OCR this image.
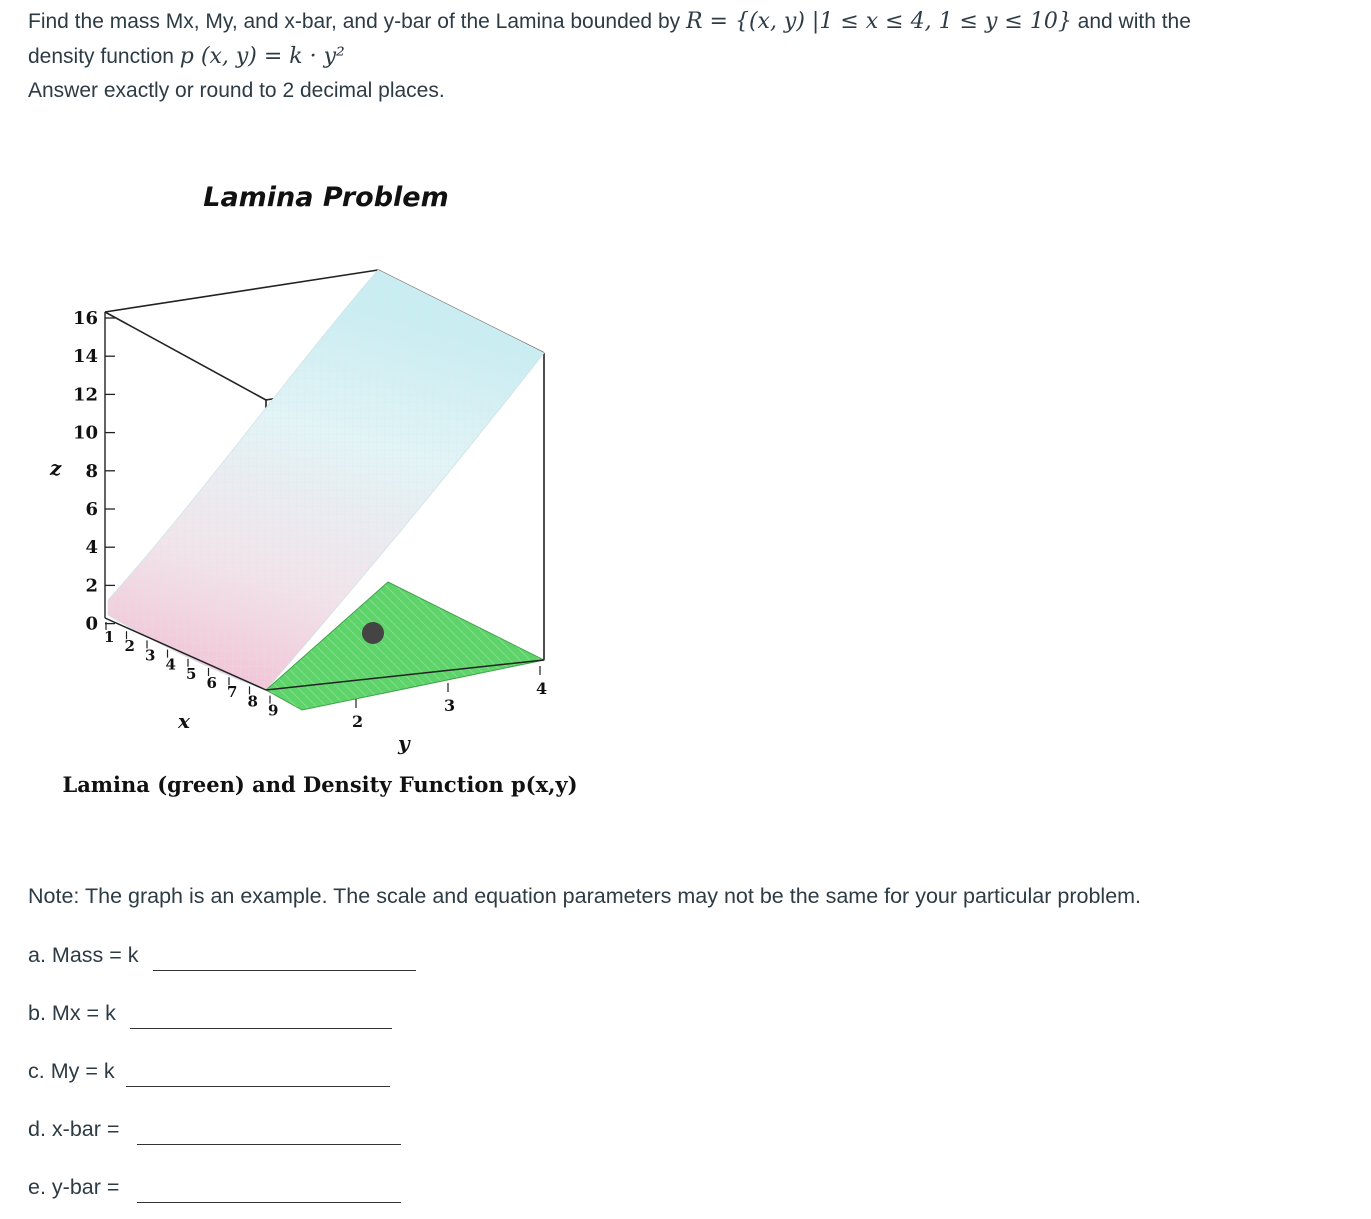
Find the mass Mx, My, and x-bar, and y-bar of the Lamina bounded by R = {(x, y) |1 ≤ x ≤ 4, 1 ≤ y ≤ 10} and with the
density function p (x, y) = k · y²
Answer exactly or round to 2 decimal places.
Lamina Problem
16
14
12
10
8
6
4
2
0
z
1
2
3
4
5
6
7
8
9
x	2
3
4
y
Lamina (green) and Density Function p(x,y)
Note: The graph is an example. The scale and equation parameters may not be the same for your particular problem.
a. Mass = k
b. Mx = k
c. My = k
d. x-bar =
e. y-bar =
